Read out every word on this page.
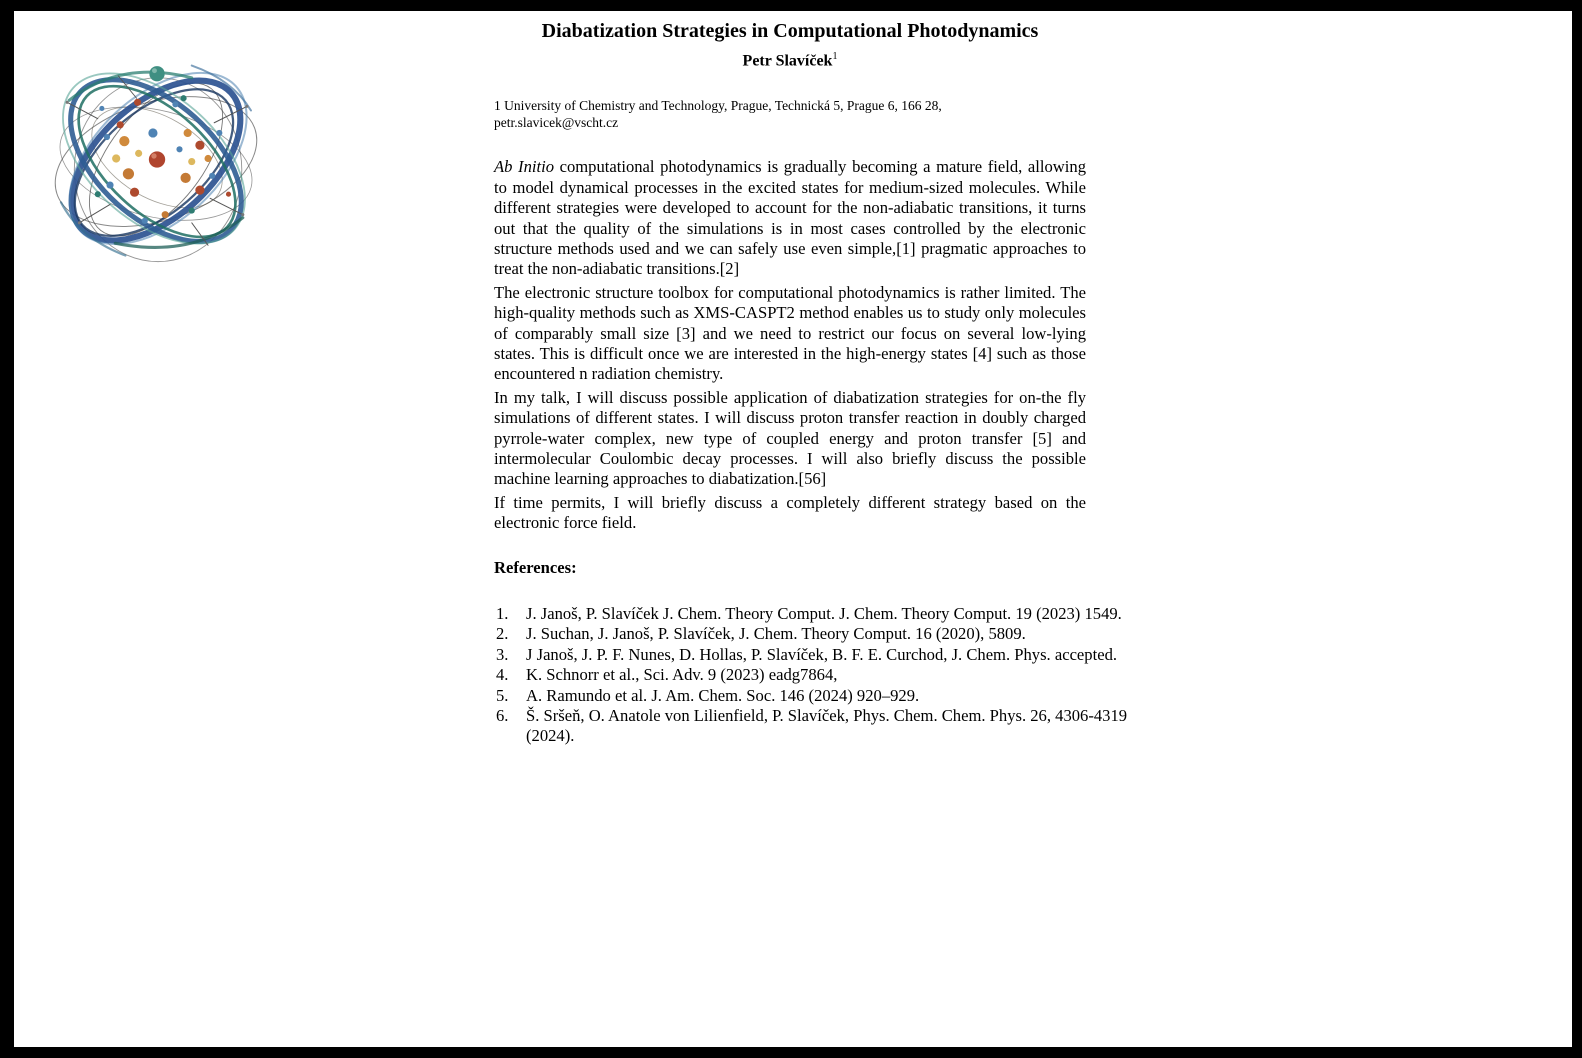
Diabatization Strategies in Computational Photodynamics
Petr Slavíček$^1$
1 University of Chemistry and Technology, Prague, Technická 5, Prague 6, 166 28,
petr.slavicek@vscht.cz

Ab Initio computational photodynamics is gradually becoming a mature field, allowing to model dynamical processes in the excited states for medium-sized molecules. While different strategies were developed to account for the non-adiabatic transitions, it turns out that the quality of the simulations is in most cases controlled by the electronic structure methods used and we can safely use even simple,[1] pragmatic approaches to treat the non-adiabatic transitions.[2]

The electronic structure toolbox for computational photodynamics is rather limited. The high-quality methods such as XMS-CASPT2 method enables us to study only molecules of comparably small size [3] and we need to restrict our focus on several low-lying states. This is difficult once we are interested in the high-energy states [4] such as those encountered n radiation chemistry.

In my talk, I will discuss possible application of diabatization strategies for on-the fly simulations of different states. I will discuss proton transfer reaction in doubly charged pyrrole-water complex, new type of coupled energy and proton transfer [5] and intermolecular Coulombic decay processes. I will also briefly discuss the possible machine learning approaches to diabatization.[56]

If time permits, I will briefly discuss a completely different strategy based on the electronic force field.

References:
1.	J. Janoš, P. Slavíček J. Chem. Theory Comput. J. Chem. Theory Comput. 19 (2023) 1549.
2.	J. Suchan, J. Janoš, P. Slavíček, J. Chem. Theory Comput. 16 (2020), 5809.
3.	J Janoš, J. P. F. Nunes, D. Hollas, P. Slavíček, B. F. E. Curchod, J. Chem. Phys. accepted.
4.	K. Schnorr et al., Sci. Adv. 9 (2023) eadg7864,
5.	A. Ramundo et al. J. Am. Chem. Soc. 146 (2024) 920–929.
6.	Š. Sršeň, O. Anatole von Lilienfield, P. Slavíček, Phys. Chem. Chem. Phys. 26, 4306-4319 (2024).
